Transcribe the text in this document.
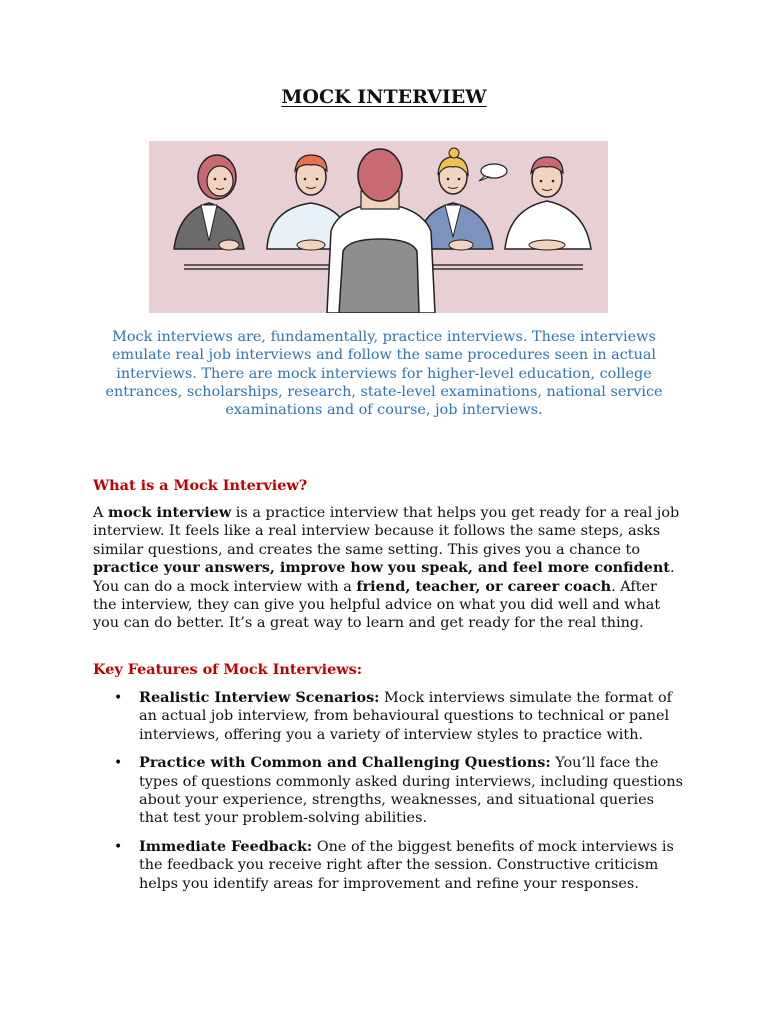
MOCK INTERVIEW

Mock interviews are, fundamentally, practice interviews. These interviews emulate real job interviews and follow the same procedures seen in actual interviews. There are mock interviews for higher-level education, college entrances, scholarships, research, state-level examinations, national service examinations and of course, job interviews.

What is a Mock Interview?

A mock interview is a practice interview that helps you get ready for a real job interview. It feels like a real interview because it follows the same steps, asks similar questions, and creates the same setting. This gives you a chance to practice your answers, improve how you speak, and feel more confident. You can do a mock interview with a friend, teacher, or career coach. After the interview, they can give you helpful advice on what you did well and what you can do better. It’s a great way to learn and get ready for the real thing.

Key Features of Mock Interviews:
• Realistic Interview Scenarios: Mock interviews simulate the format of an actual job interview, from behavioural questions to technical or panel interviews, offering you a variety of interview styles to practice with.
• Practice with Common and Challenging Questions: You’ll face the types of questions commonly asked during interviews, including questions about your experience, strengths, weaknesses, and situational queries that test your problem-solving abilities.
• Immediate Feedback: One of the biggest benefits of mock interviews is the feedback you receive right after the session. Constructive criticism helps you identify areas for improvement and refine your responses.
